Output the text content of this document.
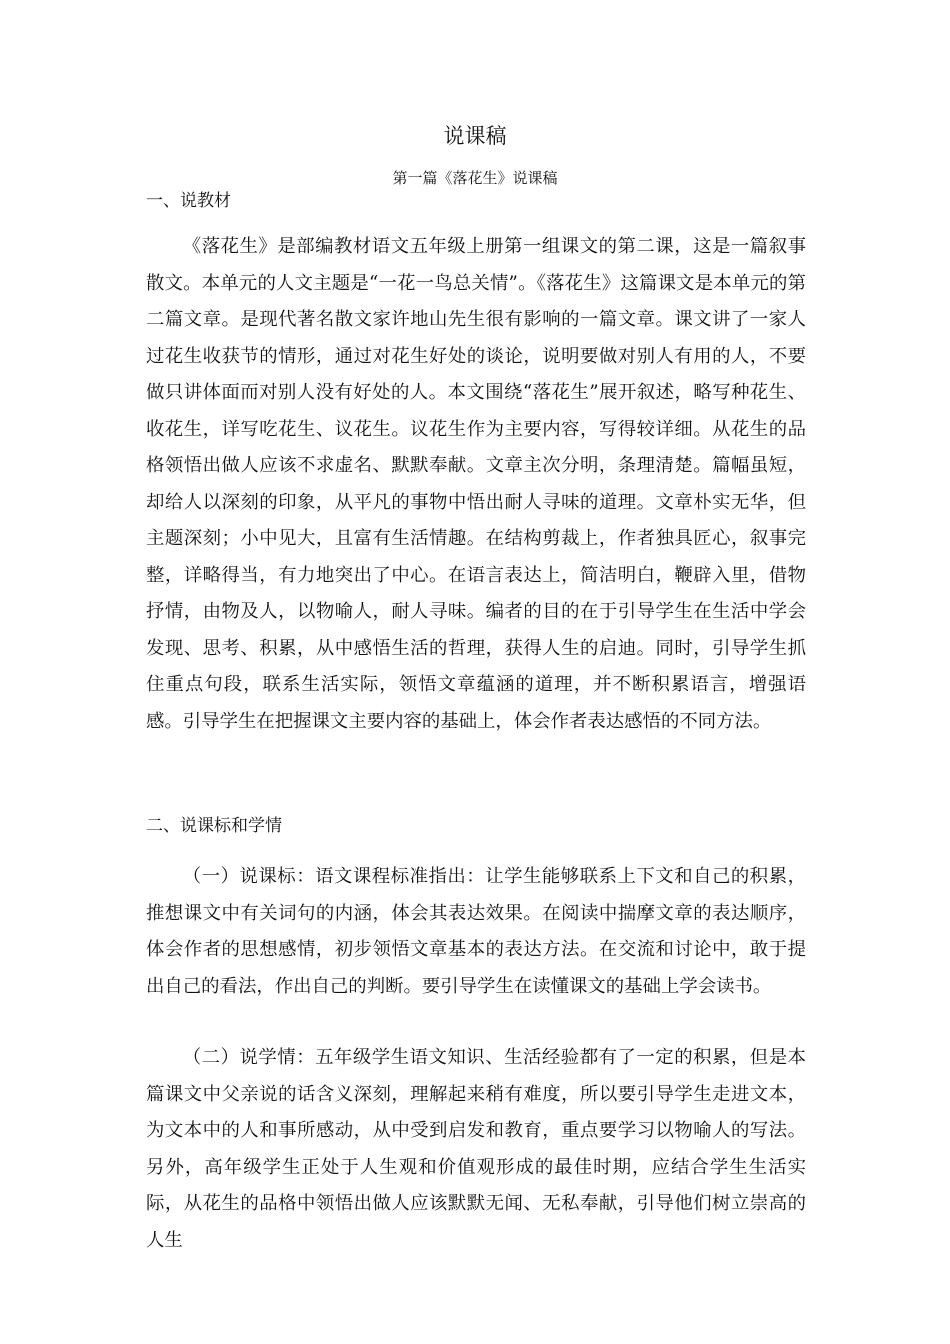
说课稿
第一篇《落花生》说课稿

一、说教材

《落花生》是部编教材语文五年级上册第一组课文的第二课，这是一篇叙事散文。本单元的人文主题是“一花一鸟总关情”。《落花生》这篇课文是本单元的第二篇文章。是现代著名散文家许地山先生很有影响的一篇文章。课文讲了一家人过花生收获节的情形，通过对花生好处的谈论，说明要做对别人有用的人，不要做只讲体面而对别人没有好处的人。本文围绕“落花生”展开叙述，略写种花生、收花生，详写吃花生、议花生。议花生作为主要内容，写得较详细。从花生的品格领悟出做人应该不求虚名、默默奉献。文章主次分明，条理清楚。篇幅虽短，却给人以深刻的印象，从平凡的事物中悟出耐人寻味的道理。文章朴实无华，但主题深刻；小中见大，且富有生活情趣。在结构剪裁上，作者独具匠心，叙事完整，详略得当，有力地突出了中心。在语言表达上，简洁明白，鞭辟入里，借物抒情，由物及人，以物喻人，耐人寻味。编者的目的在于引导学生在生活中学会发现、思考、积累，从中感悟生活的哲理，获得人生的启迪。同时，引导学生抓住重点句段，联系生活实际，领悟文章蕴涵的道理，并不断积累语言，增强语感。引导学生在把握课文主要内容的基础上，体会作者表达感悟的不同方法。

二、说课标和学情

（一）说课标：语文课程标准指出：让学生能够联系上下文和自己的积累，推想课文中有关词句的内涵，体会其表达效果。在阅读中揣摩文章的表达顺序，体会作者的思想感情，初步领悟文章基本的表达方法。在交流和讨论中，敢于提出自己的看法，作出自己的判断。要引导学生在读懂课文的基础上学会读书。

（二）说学情：五年级学生语文知识、生活经验都有了一定的积累，但是本篇课文中父亲说的话含义深刻，理解起来稍有难度，所以要引导学生走进文本，为文本中的人和事所感动，从中受到启发和教育，重点要学习以物喻人的写法。另外，高年级学生正处于人生观和价值观形成的最佳时期，应结合学生生活实际，从花生的品格中领悟出做人应该默默无闻、无私奉献，引导他们树立崇高的人生
